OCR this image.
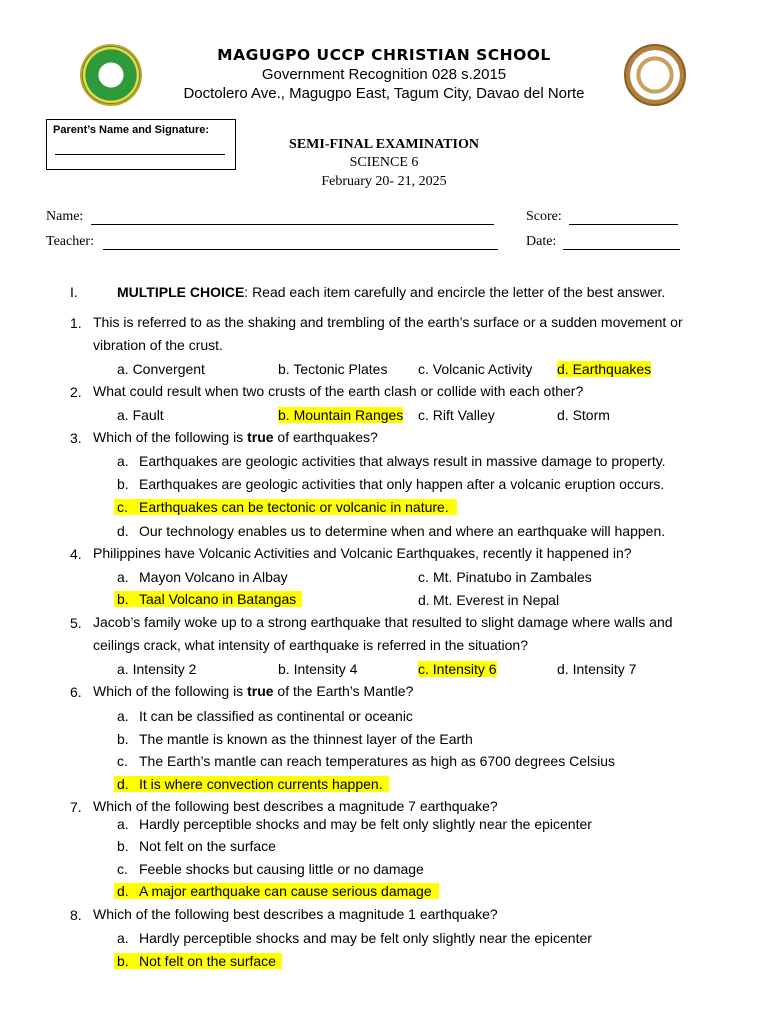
MAGUGPO UCCP CHRISTIAN SCHOOL
Government Recognition 028 s.2015
Doctolero Ave., Magugpo East, Tagum City, Davao del Norte
Parent’s Name and Signature:
SEMI-FINAL EXAMINATION
SCIENCE 6
February 20- 21, 2025
Name:	Score:
Teacher:	Date:
I.	MULTIPLE CHOICE: Read each item carefully and encircle the letter of the best answer.
1. This is referred to as the shaking and trembling of the earth’s surface or a sudden movement or
vibration of the crust.
a. Convergent	b. Tectonic Plates c. Volcanic Activity d. Earthquakes
2. What could result when two crusts of the earth clash or collide with each other?
a. Fault	b. Mountain Ranges c. Rift Valley	d. Storm
3. Which of the following is true of earthquakes?
a. Earthquakes are geologic activities that always result in massive damage to property.
b. Earthquakes are geologic activities that only happen after a volcanic eruption occurs.
c. Earthquakes can be tectonic or volcanic in nature.
d. Our technology enables us to determine when and where an earthquake will happen.
4. Philippines have Volcanic Activities and Volcanic Earthquakes, recently it happened in?
a. Mayon Volcano in Albay	c. Mt. Pinatubo in Zambales
b. Taal Volcano in Batangas	d. Mt. Everest in Nepal
5. Jacob’s family woke up to a strong earthquake that resulted to slight damage where walls and
ceilings crack, what intensity of earthquake is referred in the situation?
a. Intensity 2	b. Intensity 4	c. Intensity 6	d. Intensity 7
6. Which of the following is true of the Earth’s Mantle?
a. It can be classified as continental or oceanic
b. The mantle is known as the thinnest layer of the Earth
c. The Earth’s mantle can reach temperatures as high as 6700 degrees Celsius
d. It is where convection currents happen.
7. Which of the following best describes a magnitude 7 earthquake?
a. Hardly perceptible shocks and may be felt only slightly near the epicenter
b. Not felt on the surface
c. Feeble shocks but causing little or no damage
d. A major earthquake can cause serious damage
8. Which of the following best describes a magnitude 1 earthquake?
a. Hardly perceptible shocks and may be felt only slightly near the epicenter
b. Not felt on the surface
